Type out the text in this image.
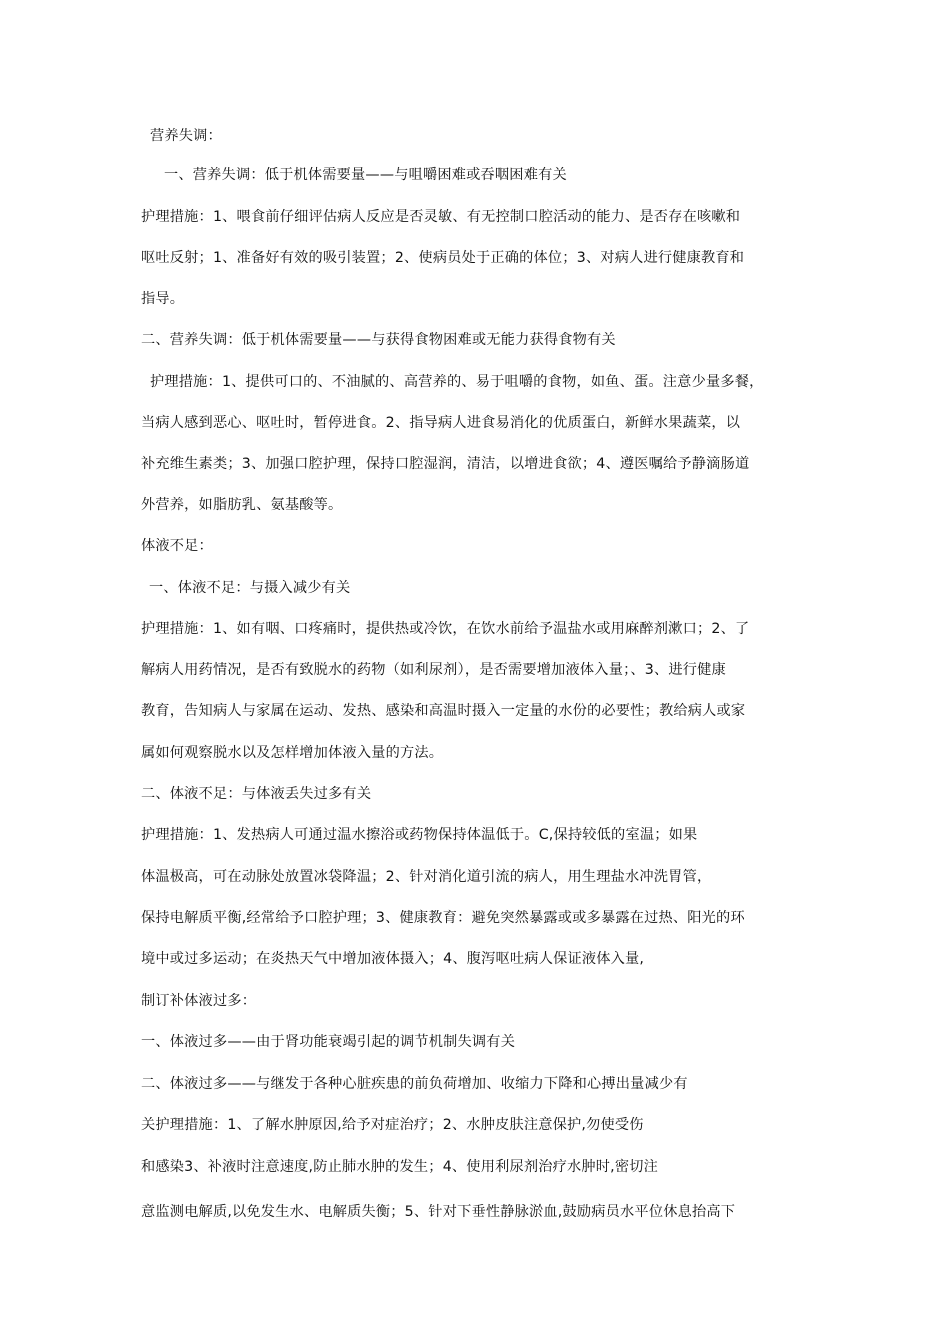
营养失调：
一、营养失调：低于机体需要量——与咀嚼困难或吞咽困难有关
护理措施：1、喂食前仔细评估病人反应是否灵敏、有无控制口腔活动的能力、是否存在咳嗽和
呕吐反射；1、准备好有效的吸引装置；2、使病员处于正确的体位；3、对病人进行健康教育和
指导。
二、营养失调：低于机体需要量——与获得食物困难或无能力获得食物有关
护理措施：1、提供可口的、不油腻的、高营养的、易于咀嚼的食物，如鱼、蛋。注意少量多餐，
当病人感到恶心、呕吐时，暂停进食。2、指导病人进食易消化的优质蛋白，新鲜水果蔬菜，以
补充维生素类；3、加强口腔护理，保持口腔湿润，清洁，以增进食欲；4、遵医嘱给予静滴肠道
外营养，如脂肪乳、氨基酸等。
体液不足：
一、体液不足：与摄入减少有关
护理措施：1、如有咽、口疼痛时，提供热或冷饮，在饮水前给予温盐水或用麻醉剂漱口；2、了
解病人用药情况，是否有致脱水的药物（如利尿剂），是否需要增加液体入量；、3、进行健康
教育，告知病人与家属在运动、发热、感染和高温时摄入一定量的水份的必要性；教给病人或家
属如何观察脱水以及怎样增加体液入量的方法。
二、体液不足：与体液丢失过多有关
护理措施：1、发热病人可通过温水擦浴或药物保持体温低于。C,保持较低的室温；如果
体温极高，可在动脉处放置冰袋降温；2、针对消化道引流的病人，用生理盐水冲洗胃管，
保持电解质平衡,经常给予口腔护理；3、健康教育：避免突然暴露或或多暴露在过热、阳光的环
境中或过多运动；在炎热天气中增加液体摄入；4、腹泻呕吐病人保证液体入量,
制订补体液过多：
一、体液过多——由于肾功能衰竭引起的调节机制失调有关
二、体液过多——与继发于各种心脏疾患的前负荷增加、收缩力下降和心搏出量减少有
关护理措施：1、了解水肿原因,给予对症治疗；2、水肿皮肤注意保护,勿使受伤
和感染3、补液时注意速度,防止肺水肿的发生；4、使用利尿剂治疗水肿时,密切注
意监测电解质,以免发生水、电解质失衡；5、针对下垂性静脉淤血,鼓励病员水平位休息抬高下
